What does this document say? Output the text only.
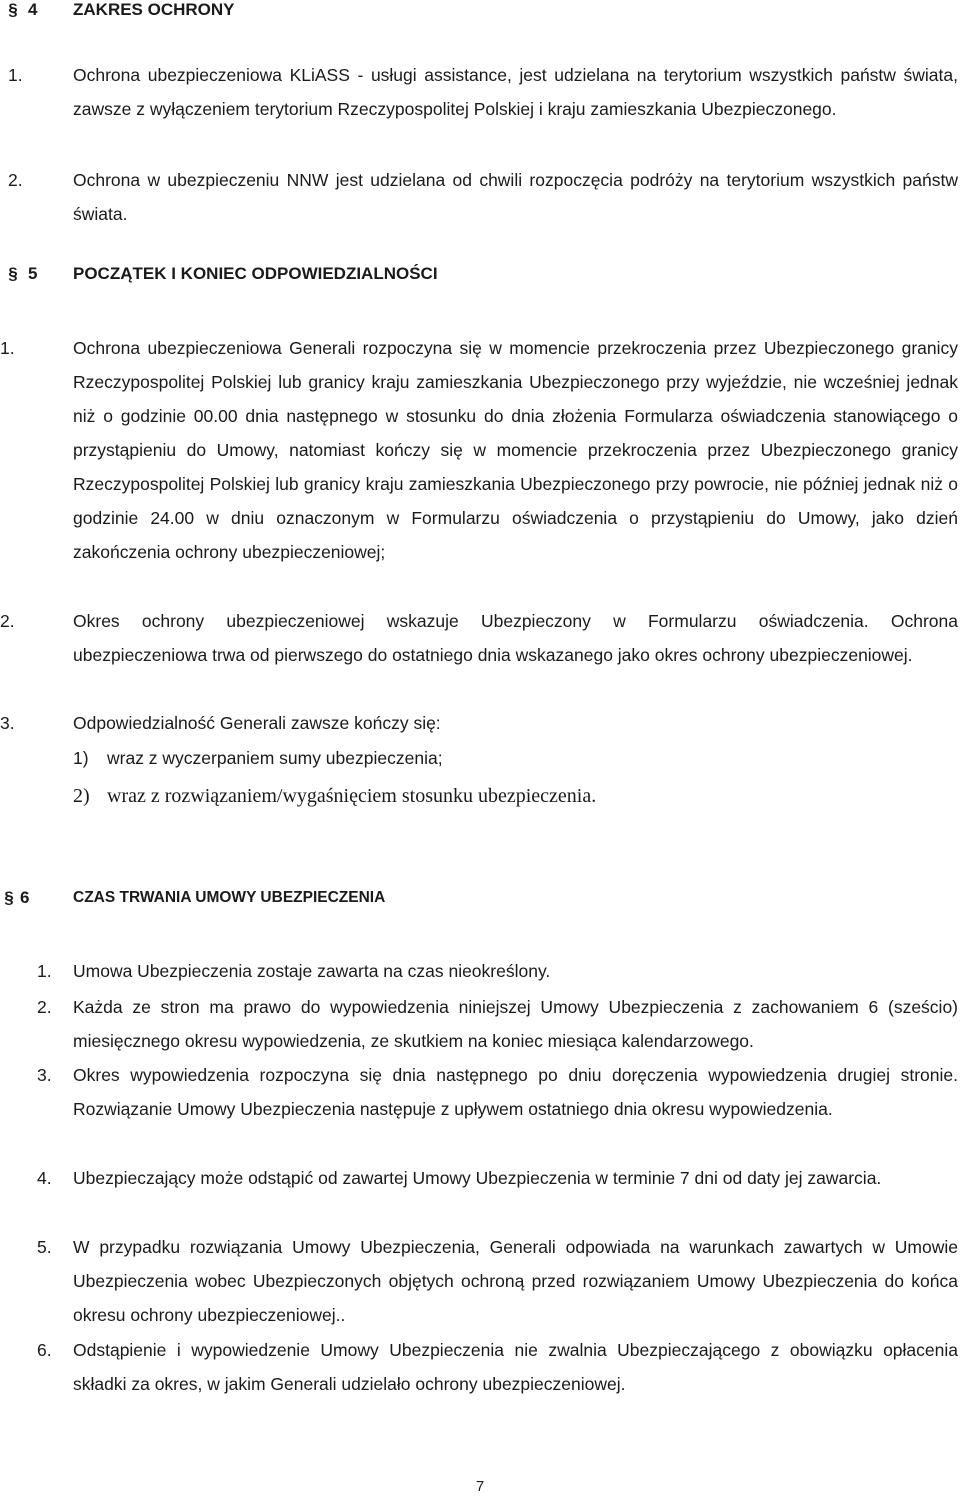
§ 4 ZAKRES OCHRONY
1.	Ochrona ubezpieczeniowa KLiASS - usługi assistance, jest udzielana na terytorium wszystkich państw świata, zawsze z wyłączeniem terytorium Rzeczypospolitej Polskiej i kraju zamieszkania Ubezpieczonego.
2.	Ochrona w ubezpieczeniu NNW jest udzielana od chwili rozpoczęcia podróży na terytorium wszystkich państw świata.
§ 5 POCZĄTEK I KONIEC ODPOWIEDZIALNOŚCI
1.	Ochrona ubezpieczeniowa Generali rozpoczyna się w momencie przekroczenia przez Ubezpieczonego granicy Rzeczypospolitej Polskiej lub granicy kraju zamieszkania Ubezpieczonego przy wyjeździe, nie wcześniej jednak niż o godzinie 00.00 dnia następnego w stosunku do dnia złożenia Formularza oświadczenia stanowiącego o przystąpieniu do Umowy, natomiast kończy się w momencie przekroczenia przez Ubezpieczonego granicy Rzeczypospolitej Polskiej lub granicy kraju zamieszkania Ubezpieczonego przy powrocie, nie później jednak niż o godzinie 24.00 w dniu oznaczonym w Formularzu oświadczenia o przystąpieniu do Umowy, jako dzień zakończenia ochrony ubezpieczeniowej;
2.	Okres ochrony ubezpieczeniowej wskazuje Ubezpieczony w Formularzu oświadczenia. Ochrona ubezpieczeniowa trwa od pierwszego do ostatniego dnia wskazanego jako okres ochrony ubezpieczeniowej.
3.	Odpowiedzialność Generali zawsze kończy się:
1) wraz z wyczerpaniem sumy ubezpieczenia;
2) wraz z rozwiązaniem/wygaśnięciem stosunku ubezpieczenia.
§ 6	CZAS TRWANIA UMOWY UBEZPIECZENIA
1. Umowa Ubezpieczenia zostaje zawarta na czas nieokreślony.
2. Każda ze stron ma prawo do wypowiedzenia niniejszej Umowy Ubezpieczenia z zachowaniem 6 (sześcio) miesięcznego okresu wypowiedzenia, ze skutkiem na koniec miesiąca kalendarzowego.
3. Okres wypowiedzenia rozpoczyna się dnia następnego po dniu doręczenia wypowiedzenia drugiej stronie. Rozwiązanie Umowy Ubezpieczenia następuje z upływem ostatniego dnia okresu wypowiedzenia.
4. Ubezpieczający może odstąpić od zawartej Umowy Ubezpieczenia w terminie 7 dni od daty jej zawarcia.
5. W przypadku rozwiązania Umowy Ubezpieczenia, Generali odpowiada na warunkach zawartych w Umowie Ubezpieczenia wobec Ubezpieczonych objętych ochroną przed rozwiązaniem Umowy Ubezpieczenia do końca okresu ochrony ubezpieczeniowej..
6. Odstąpienie i wypowiedzenie Umowy Ubezpieczenia nie zwalnia Ubezpieczającego z obowiązku opłacenia składki za okres, w jakim Generali udzielało ochrony ubezpieczeniowej.
7
